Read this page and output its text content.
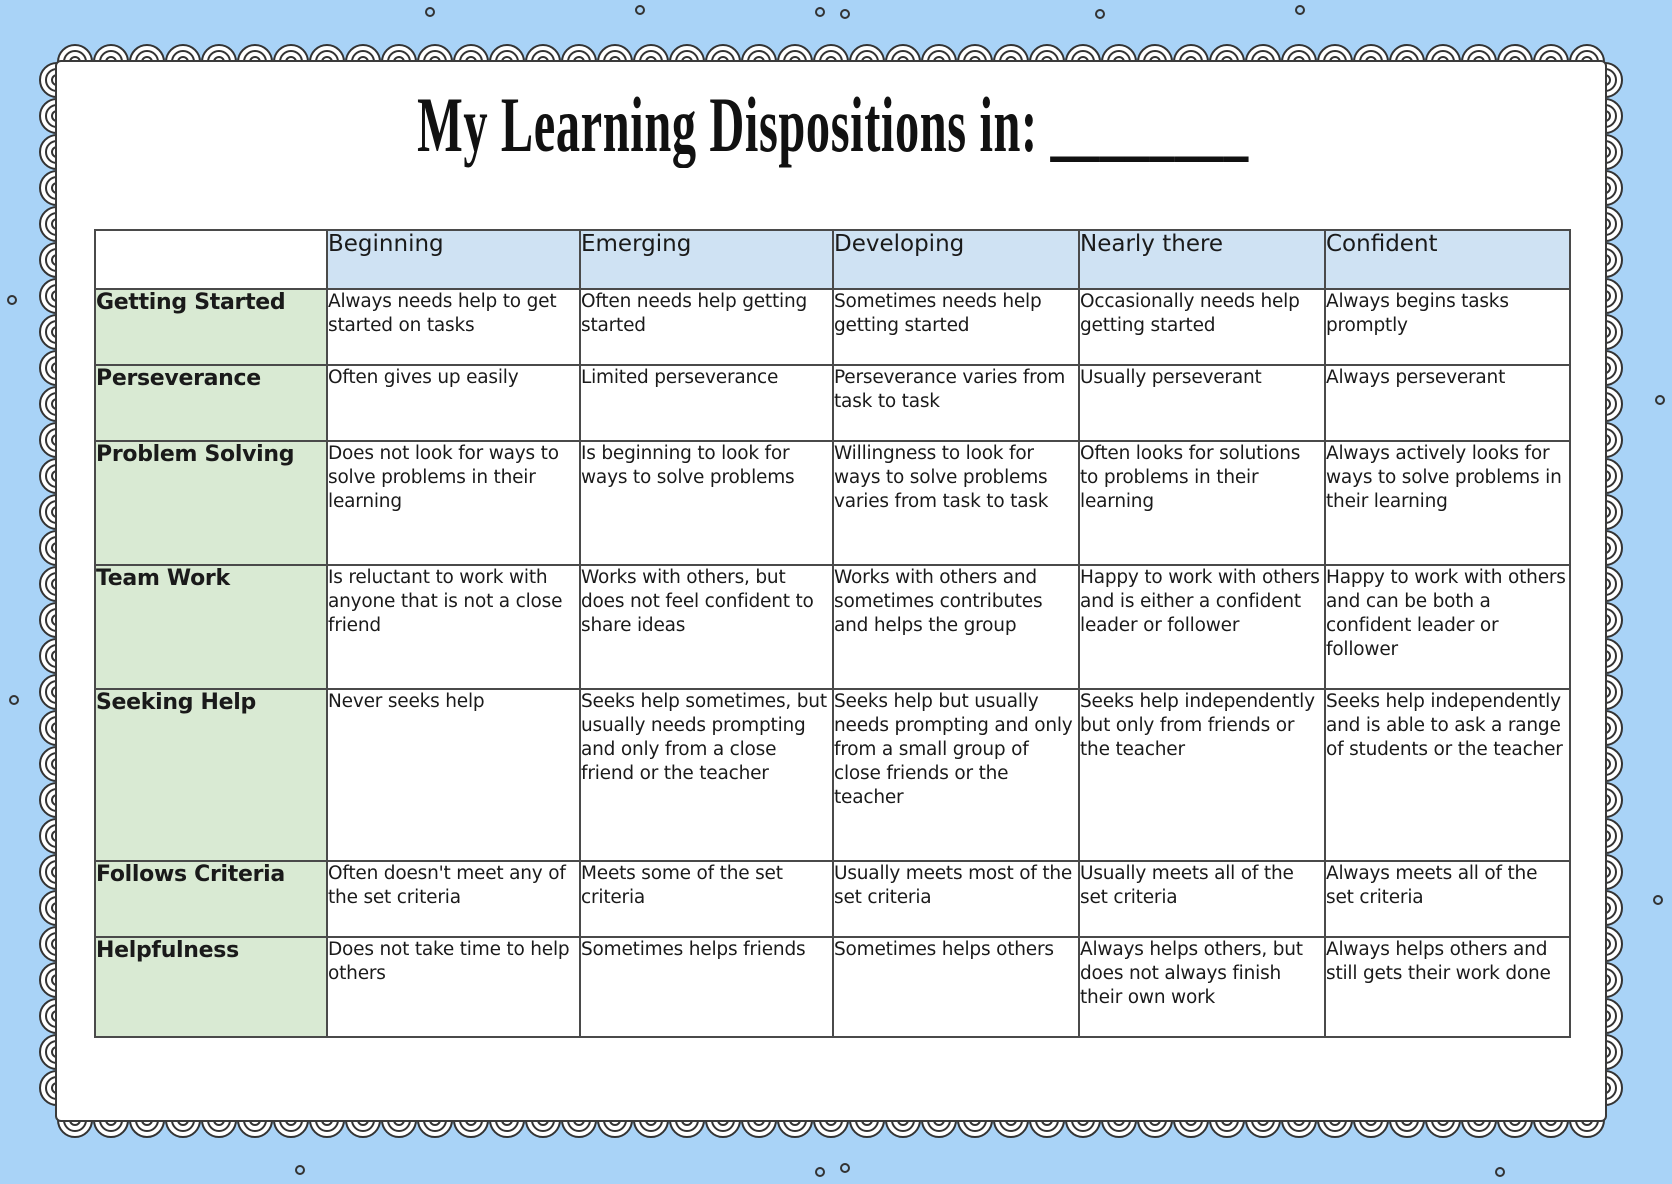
My Learning Dispositions in: ________
	Beginning	Emerging	Developing	Nearly there	Confident
Getting Started	Always needs help to get started on tasks	Often needs help getting started	Sometimes needs help getting started	Occasionally needs help getting started	Always begins tasks promptly
Perseverance	Often gives up easily	Limited perseverance	Perseverance varies from task to task	Usually perseverant	Always perseverant
Problem Solving	Does not look for ways to solve problems in their learning	Is beginning to look for ways to solve problems	Willingness to look for ways to solve problems varies from task to task	Often looks for solutions to problems in their learning	Always actively looks for ways to solve problems in their learning
Team Work	Is reluctant to work with anyone that is not a close friend	Works with others, but does not feel confident to share ideas	Works with others and sometimes contributes and helps the group	Happy to work with others and is either a confident leader or follower	Happy to work with others and can be both a confident leader or follower
Seeking Help	Never seeks help	Seeks help sometimes, but usually needs prompting and only from a close friend or the teacher	Seeks help but usually needs prompting and only from a small group of close friends or the teacher	Seeks help independently but only from friends or the teacher	Seeks help independently and is able to ask a range of students or the teacher
Follows Criteria	Often doesn't meet any of the set criteria	Meets some of the set criteria	Usually meets most of the set criteria	Usually meets all of the set criteria	Always meets all of the set criteria
Helpfulness	Does not take time to help others	Sometimes helps friends	Sometimes helps others	Always helps others, but does not always finish their own work	Always helps others and still gets their work done
